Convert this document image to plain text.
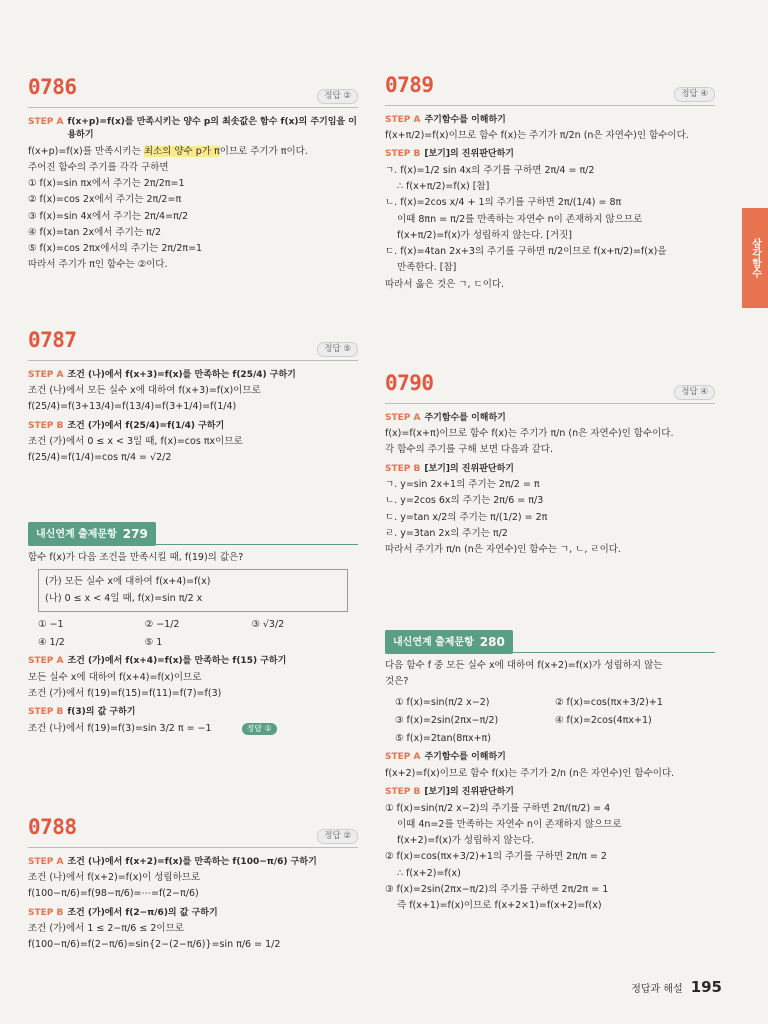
삼각함수
0786	정답 ②
STEP A f(x+p)=f(x)를 만족시키는 양수 p의 최솟값은 함수 f(x)의 주기임을 이용하기
f(x+p)=f(x)를 만족시키는 최소의 양수 p가 π이므로 주기가 π이다.
주어진 함수의 주기를 각각 구하면
① f(x)=sin πx에서 주기는 2π/2π=1
② f(x)=cos 2x에서 주기는 2π/2=π
③ f(x)=sin 4x에서 주기는 2π/4=π/2
④ f(x)=tan 2x에서 주기는 π/2
⑤ f(x)=cos 2πx에서의 주기는 2π/2π=1
따라서 주기가 π인 함수는 ②이다.
0787	정답 ⑤
STEP A 조건 (나)에서 f(x+3)=f(x)를 만족하는 f(25/4) 구하기
조건 (나)에서 모든 실수 x에 대하여 f(x+3)=f(x)이므로
f(25/4)=f(3+13/4)=f(13/4)=f(3+1/4)=f(1/4)
STEP B 조건 (가)에서 f(25/4)=f(1/4) 구하기
조건 (가)에서 0 ≤ x < 3일 때, f(x)=cos πx이므로
f(25/4)=f(1/4)=cos π/4 = √2/2
내신연계 출제문항 279
함수 f(x)가 다음 조건을 만족시킬 때, f(19)의 값은?
(가) 모든 실수 x에 대하여 f(x+4)=f(x)
(나) 0 ≤ x < 4일 때, f(x)=sin π/2 x
① −1	② −1/2	③ √3/2
④ 1/2	⑤ 1
STEP A 조건 (가)에서 f(x+4)=f(x)를 만족하는 f(15) 구하기
모든 실수 x에 대하여 f(x+4)=f(x)이므로
조건 (가)에서 f(19)=f(15)=f(11)=f(7)=f(3)
STEP B f(3)의 값 구하기
조건 (나)에서 f(19)=f(3)=sin 3/2 π = −1	정답 ①
0788	정답 ②
STEP A 조건 (나)에서 f(x+2)=f(x)를 만족하는 f(100−π/6) 구하기
조건 (나)에서 f(x+2)=f(x)이 성립하므로
f(100−π/6)=f(98−π/6)=⋯=f(2−π/6)
STEP B 조건 (가)에서 f(2−π/6)의 값 구하기
조건 (가)에서 1 ≤ 2−π/6 ≤ 2이므로
f(100−π/6)=f(2−π/6)=sin{2−(2−π/6)}=sin π/6 = 1/2
0789	정답 ④
STEP A 주기함수를 이해하기
f(x+π/2)=f(x)이므로 함수 f(x)는 주기가 π/2n (n은 자연수)인 함수이다.
STEP B [보기]의 진위판단하기
ㄱ. f(x)=1/2 sin 4x의 주기를 구하면 2π/4 = π/2
∴ f(x+π/2)=f(x) [참]
ㄴ. f(x)=2cos x/4 + 1의 주기를 구하면 2π/(1/4) = 8π
이때 8πn = π/2를 만족하는 자연수 n이 존재하지 않으므로
f(x+π/2)=f(x)가 성립하지 않는다. [거짓]
ㄷ. f(x)=4tan 2x+3의 주기를 구하면 π/2이므로 f(x+π/2)=f(x)을
만족한다. [참]
따라서 옳은 것은 ㄱ, ㄷ이다.
0790	정답 ④
STEP A 주기함수를 이해하기
f(x)=f(x+π)이므로 함수 f(x)는 주기가 π/n (n은 자연수)인 함수이다.
각 함수의 주기를 구해 보면 다음과 같다.
STEP B [보기]의 진위판단하기
ㄱ. y=sin 2x+1의 주기는 2π/2 = π
ㄴ. y=2cos 6x의 주기는 2π/6 = π/3
ㄷ. y=tan x/2의 주기는 π/(1/2) = 2π
ㄹ. y=3tan 2x의 주기는 π/2
따라서 주기가 π/n (n은 자연수)인 함수는 ㄱ, ㄴ, ㄹ이다.
내신연계 출제문항 280
다음 함수 f 중 모든 실수 x에 대하여 f(x+2)=f(x)가 성립하지 않는
것은?
① f(x)=sin(π/2 x−2)	② f(x)=cos(πx+3/2)+1
③ f(x)=2sin(2πx−π/2)	④ f(x)=2cos(4πx+1)
⑤ f(x)=2tan(8πx+π)
STEP A 주기함수를 이해하기
f(x+2)=f(x)이므로 함수 f(x)는 주기가 2/n (n은 자연수)인 함수이다.
STEP B [보기]의 진위판단하기
① f(x)=sin(π/2 x−2)의 주기를 구하면 2π/(π/2) = 4
이때 4n=2를 만족하는 자연수 n이 존재하지 않으므로
f(x+2)=f(x)가 성립하지 않는다.
② f(x)=cos(πx+3/2)+1의 주기를 구하면 2π/π = 2
∴ f(x+2)=f(x)
③ f(x)=2sin(2πx−π/2)의 주기를 구하면 2π/2π = 1
즉 f(x+1)=f(x)이므로 f(x+2×1)=f(x+2)=f(x)
정답과 해설 195
